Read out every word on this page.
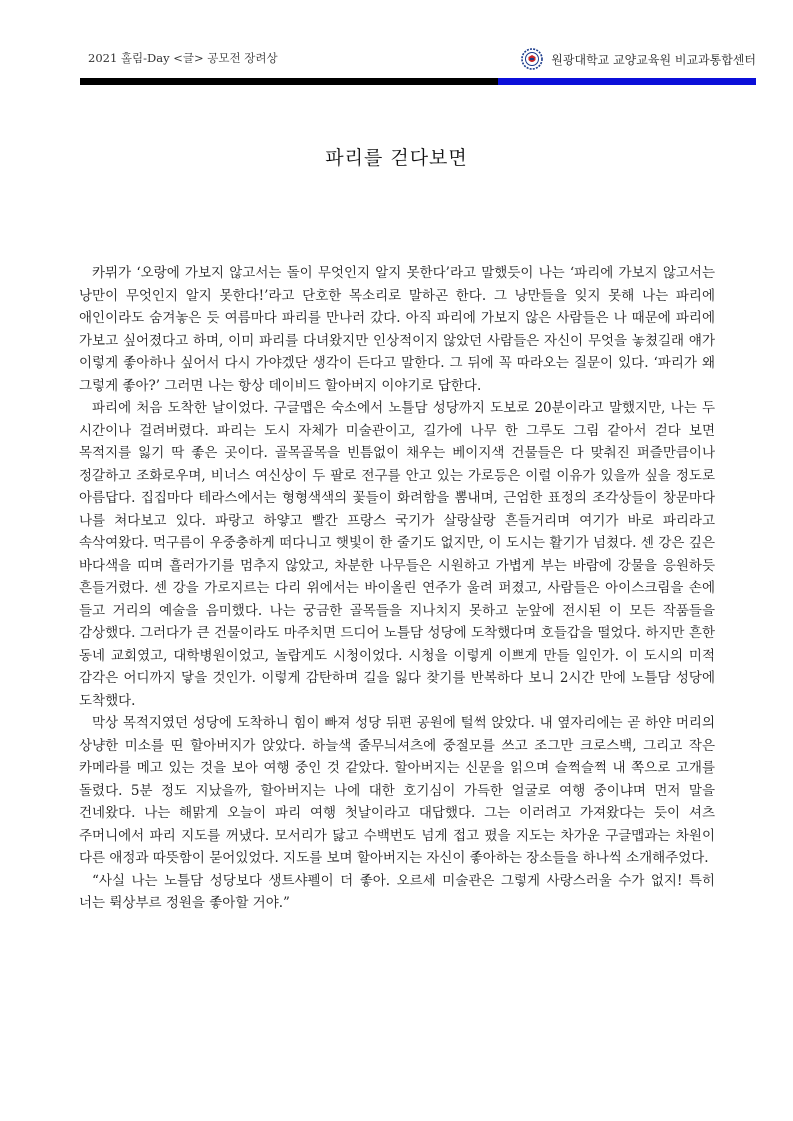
2021 홀림-Day <글> 공모전 장려상	원광대학교 교양교육원 비교과통합센터
파리를 걷다보면

카뮈가 ‘오랑에 가보지 않고서는 돌이 무엇인지 알지 못한다’라고 말했듯이 나는 ‘파리에 가보지 않고서는 낭만이 무엇인지 알지 못한다!’라고 단호한 목소리로 말하곤 한다. 그 낭만들을 잊지 못해 나는 파리에 애인이라도 숨겨놓은 듯 여름마다 파리를 만나러 갔다. 아직 파리에 가보지 않은 사람들은 나 때문에 파리에 가보고 싶어졌다고 하며, 이미 파리를 다녀왔지만 인상적이지 않았던 사람들은 자신이 무엇을 놓쳤길래 얘가 이렇게 좋아하나 싶어서 다시 가야겠단 생각이 든다고 말한다. 그 뒤에 꼭 따라오는 질문이 있다. ‘파리가 왜 그렇게 좋아?’ 그러면 나는 항상 데이비드 할아버지 이야기로 답한다.

파리에 처음 도착한 날이었다. 구글맵은 숙소에서 노틀담 성당까지 도보로 20분이라고 말했지만, 나는 두 시간이나 걸려버렸다. 파리는 도시 자체가 미술관이고, 길가에 나무 한 그루도 그림 같아서 걷다 보면 목적지를 잃기 딱 좋은 곳이다. 골목골목을 빈틈없이 채우는 베이지색 건물들은 다 맞춰진 퍼즐만큼이나 정갈하고 조화로우며, 비너스 여신상이 두 팔로 전구를 안고 있는 가로등은 이럴 이유가 있을까 싶을 정도로 아름답다. 집집마다 테라스에서는 형형색색의 꽃들이 화려함을 뽐내며, 근엄한 표정의 조각상들이 창문마다 나를 쳐다보고 있다. 파랑고 하얗고 빨간 프랑스 국기가 살랑살랑 흔들거리며 여기가 바로 파리라고 속삭여왔다. 먹구름이 우중충하게 떠다니고 햇빛이 한 줄기도 없지만, 이 도시는 활기가 넘쳤다. 센 강은 깊은 바다색을 띠며 흘러가기를 멈추지 않았고, 차분한 나무들은 시원하고 가볍게 부는 바람에 강물을 응원하듯 흔들거렸다. 센 강을 가로지르는 다리 위에서는 바이올린 연주가 울려 퍼졌고, 사람들은 아이스크림을 손에 들고 거리의 예술을 음미했다. 나는 궁금한 골목들을 지나치지 못하고 눈앞에 전시된 이 모든 작품들을 감상했다. 그러다가 큰 건물이라도 마주치면 드디어 노틀담 성당에 도착했다며 호들갑을 떨었다. 하지만 흔한 동네 교회였고, 대학병원이었고, 놀랍게도 시청이었다. 시청을 이렇게 이쁘게 만들 일인가. 이 도시의 미적 감각은 어디까지 닿을 것인가. 이렇게 감탄하며 길을 잃다 찾기를 반복하다 보니 2시간 만에 노틀담 성당에 도착했다.

막상 목적지였던 성당에 도착하니 힘이 빠져 성당 뒤편 공원에 털썩 앉았다. 내 옆자리에는 곧 하얀 머리의 상냥한 미소를 띤 할아버지가 앉았다. 하늘색 줄무늬셔츠에 중절모를 쓰고 조그만 크로스백, 그리고 작은 카메라를 메고 있는 것을 보아 여행 중인 것 같았다. 할아버지는 신문을 읽으며 슬쩍슬쩍 내 쪽으로 고개를 돌렸다. 5분 정도 지났을까, 할아버지는 나에 대한 호기심이 가득한 얼굴로 여행 중이냐며 먼저 말을 건네왔다. 나는 해맑게 오늘이 파리 여행 첫날이라고 대답했다. 그는 이러려고 가져왔다는 듯이 셔츠 주머니에서 파리 지도를 꺼냈다. 모서리가 닳고 수백번도 넘게 접고 폈을 지도는 차가운 구글맵과는 차원이 다른 애정과 따뜻함이 묻어있었다. 지도를 보며 할아버지는 자신이 좋아하는 장소들을 하나씩 소개해주었다.

“사실 나는 노틀담 성당보다 생트샤펠이 더 좋아. 오르세 미술관은 그렇게 사랑스러울 수가 없지! 특히 너는 뤽상부르 정원을 좋아할 거야.”
